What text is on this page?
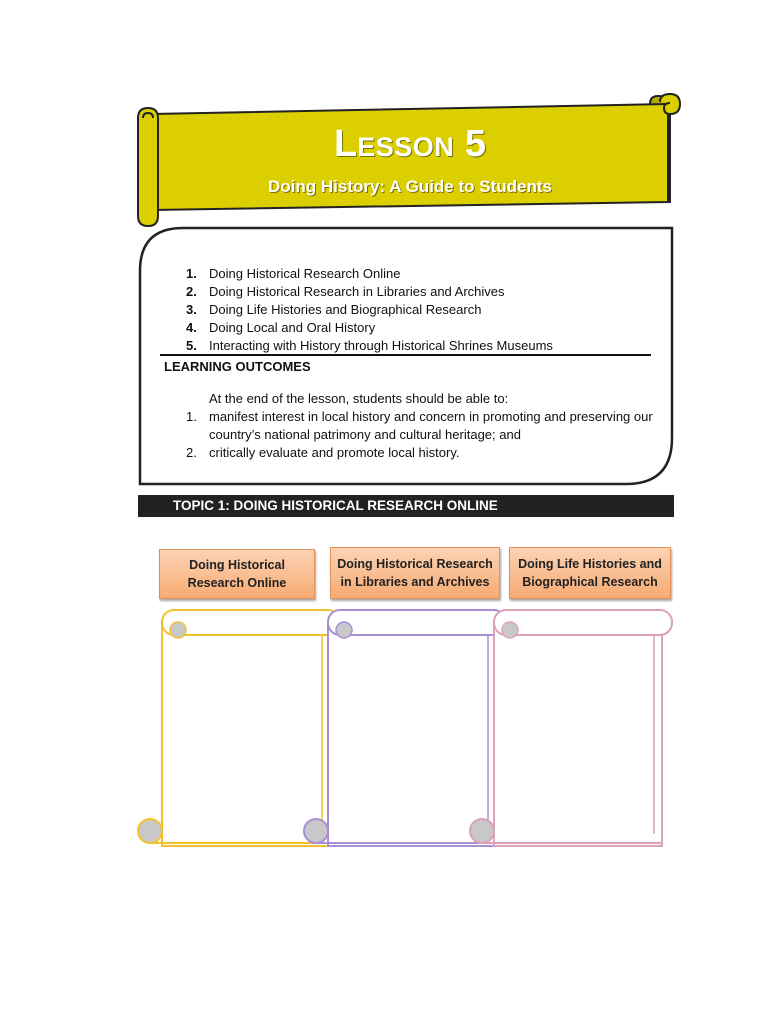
LESSON 5
Doing History: A Guide to Students
1. Doing Historical Research Online
2. Doing Historical Research in Libraries and Archives
3. Doing Life Histories and Biographical Research
4. Doing Local and Oral History
5. Interacting with History through Historical Shrines Museums
LEARNING OUTCOMES
At the end of the lesson, students should be able to:
1. manifest interest in local history and concern in promoting and preserving our country’s national patrimony and cultural heritage; and
2. critically evaluate and promote local history.
TOPIC 1: DOING HISTORICAL RESEARCH ONLINE
Doing Historical Research Online
Doing Historical Research in Libraries and Archives
Doing Life Histories and Biographical Research
